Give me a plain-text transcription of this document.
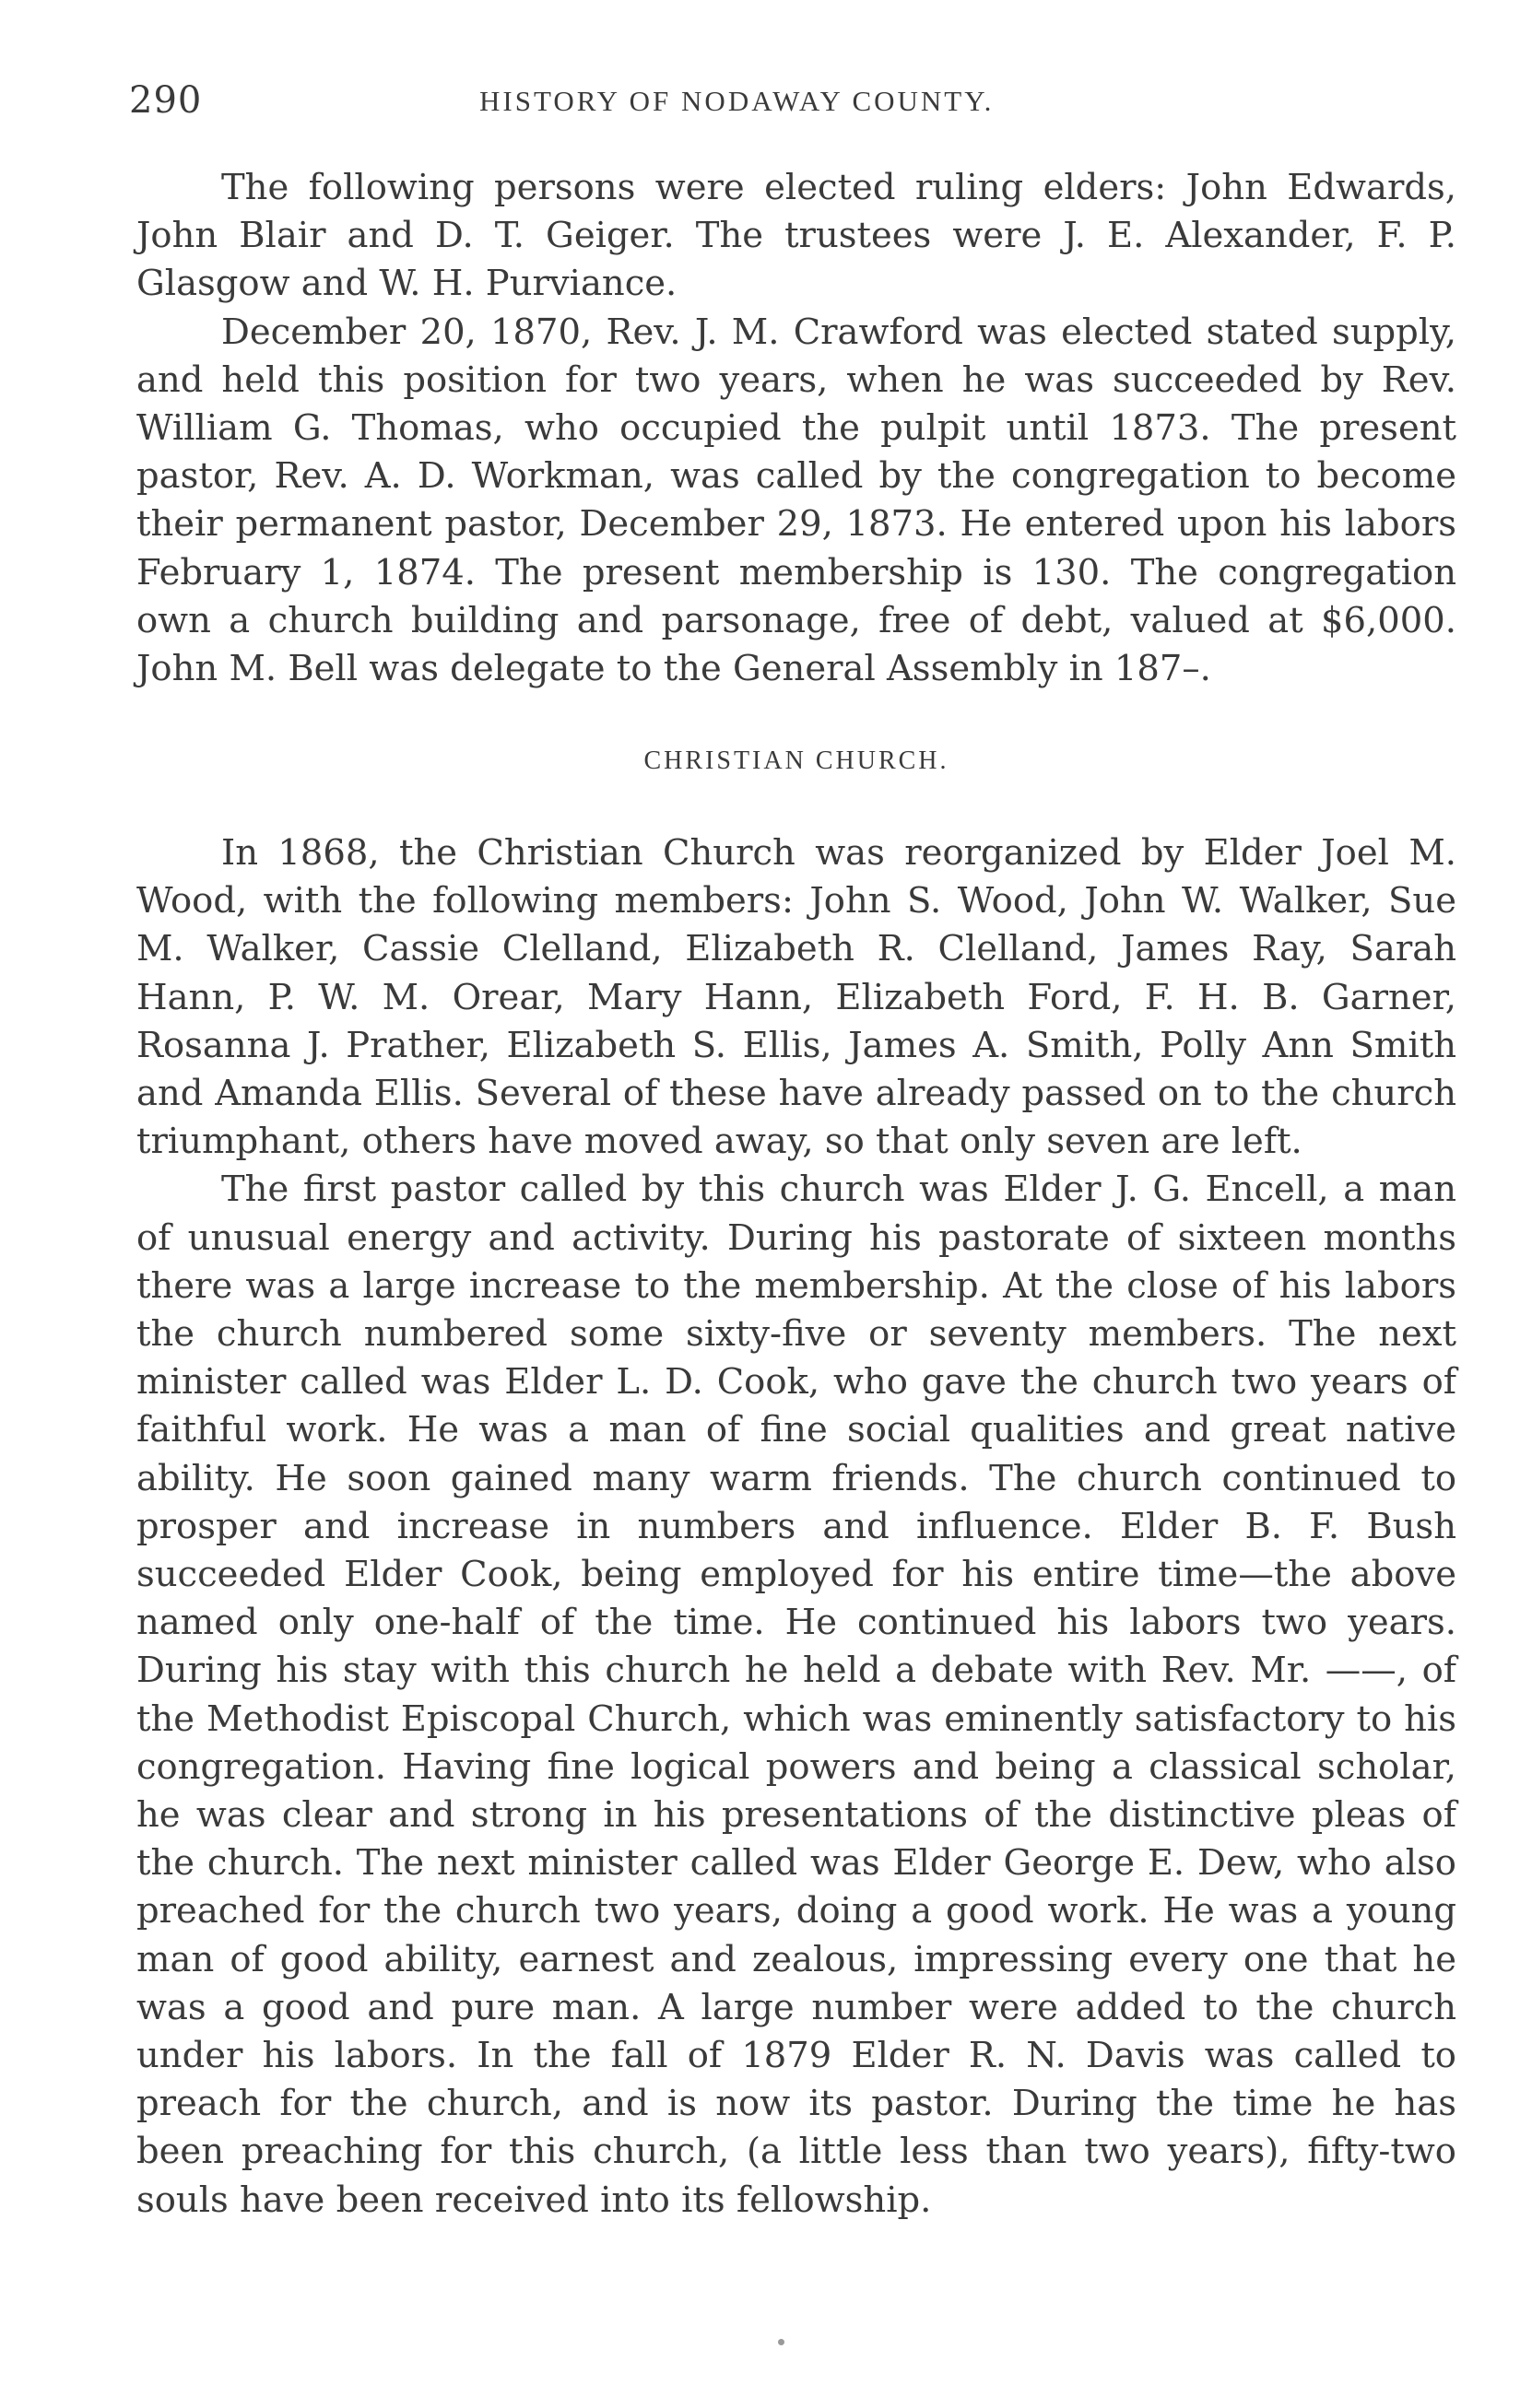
290	HISTORY OF NODAWAY COUNTY.

The following persons were elected ruling elders: John Edwards, John Blair and D. T. Geiger. The trustees were J. E. Alexander, F. P. Glasgow and W. H. Purviance.

December 20, 1870, Rev. J. M. Crawford was elected stated supply, and held this position for two years, when he was succeeded by Rev. William G. Thomas, who occupied the pulpit until 1873. The present pastor, Rev. A. D. Workman, was called by the congregation to become their permanent pastor, December 29, 1873. He entered upon his labors February 1, 1874. The present membership is 130. The congregation own a church building and parsonage, free of debt, valued at $6,000. John M. Bell was delegate to the General Assembly in 187–.

CHRISTIAN CHURCH.

In 1868, the Christian Church was reorganized by Elder Joel M. Wood, with the following members: John S. Wood, John W. Walker, Sue M. Walker, Cassie Clelland, Elizabeth R. Clelland, James Ray, Sarah Hann, P. W. M. Orear, Mary Hann, Elizabeth Ford, F. H. B. Garner, Rosanna J. Prather, Elizabeth S. Ellis, James A. Smith, Polly Ann Smith and Amanda Ellis. Several of these have already passed on to the church triumphant, others have moved away, so that only seven are left.

The first pastor called by this church was Elder J. G. Encell, a man of unusual energy and activity. During his pastorate of sixteen months there was a large increase to the membership. At the close of his labors the church numbered some sixty-five or seventy members. The next minister called was Elder L. D. Cook, who gave the church two years of faithful work. He was a man of fine social qualities and great native ability. He soon gained many warm friends. The church continued to prosper and increase in numbers and influence. Elder B. F. Bush succeeded Elder Cook, being employed for his entire time—the above named only one-half of the time. He continued his labors two years. During his stay with this church he held a debate with Rev. Mr. ——, of the Methodist Episcopal Church, which was eminently satisfactory to his congregation. Having fine logical powers and being a classical scholar, he was clear and strong in his presentations of the distinctive pleas of the church. The next minister called was Elder George E. Dew, who also preached for the church two years, doing a good work. He was a young man of good ability, earnest and zealous, impressing every one that he was a good and pure man. A large number were added to the church under his labors. In the fall of 1879 Elder R. N. Davis was called to preach for the church, and is now its pastor. During the time he has been preaching for this church, (a little less than two years), fifty-two souls have been received into its fellowship.
